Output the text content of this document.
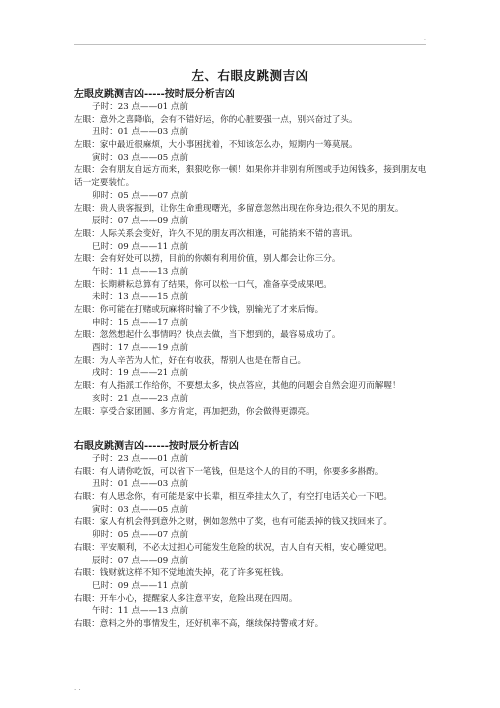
.
左、右眼皮跳测吉凶
左眼皮跳测吉凶-----按时辰分析吉凶
子时：23 点——01 点前
左眼：意外之喜降临，会有不错好运，你的心脏要强一点，别兴奋过了头。
丑时：01 点——03 点前
左眼：家中最近很麻烦，大小事困扰着，不知该怎么办，短期内一筹莫展。
寅时：03 点——05 点前
左眼：会有朋友自远方而来，狠狠吃你一顿！如果你并非别有所图或手边闲钱多，接到朋友电话一定要装忙。
卯时：05 点——07 点前
左眼：贵人贵客报到，让你生命重现曙光，多留意忽然出现在你身边;很久不见的朋友。
辰时：07 点——09 点前
左眼：人际关系会变好，许久不见的朋友再次相逢，可能捎来不错的喜讯。
巳时：09 点——11 点前
左眼：会有好处可以捞，目前的你颇有利用价值，别人都会让你三分。
午时：11 点——13 点前
左眼：长期耕耘总算有了结果，你可以松一口气，准备享受成果吧。
未时：13 点——15 点前
左眼：你可能在打赌或玩麻将时输了不少钱，别输光了才来后悔。
申时：15 点——17 点前
左眼：忽然想起什么事情吗？快点去做，当下想到的，最容易成功了。
酉时：17 点——19 点前
左眼：为人辛苦为人忙，好在有收获，帮别人也是在帮自己。
戌时：19 点——21 点前
左眼：有人指派工作给你，不要想太多，快点答应，其他的问题会自然会迎刃而解喔！
亥时：21 点——23 点前
左眼：享受合家团圆、多方肯定，再加把劲，你会做得更漂亮。
右眼皮跳测吉凶------按时辰分析吉凶
子时：23 点——01 点前
右眼：有人请你吃饭，可以省下一笔钱，但是这个人的目的不明，你要多多斟酌。
丑时：01 点——03 点前
右眼：有人思念你，有可能是家中长辈，相互牵挂太久了，有空打电话关心一下吧。
寅时：03 点——05 点前
右眼：家人有机会得到意外之财，例如忽然中了奖，也有可能丢掉的钱又找回来了。
卯时：05 点——07 点前
右眼：平安顺利，不必太过担心可能发生危险的状况，吉人自有天相，安心睡觉吧。
辰时：07 点——09 点前
右眼：钱财就这样不知不觉地流失掉，花了许多冤枉钱。
巳时：09 点——11 点前
右眼：开车小心，提醒家人多注意平安，危险出现在四周。
午时：11 点——13 点前
右眼：意料之外的事情发生，还好机率不高，继续保持警戒才好。
. .
